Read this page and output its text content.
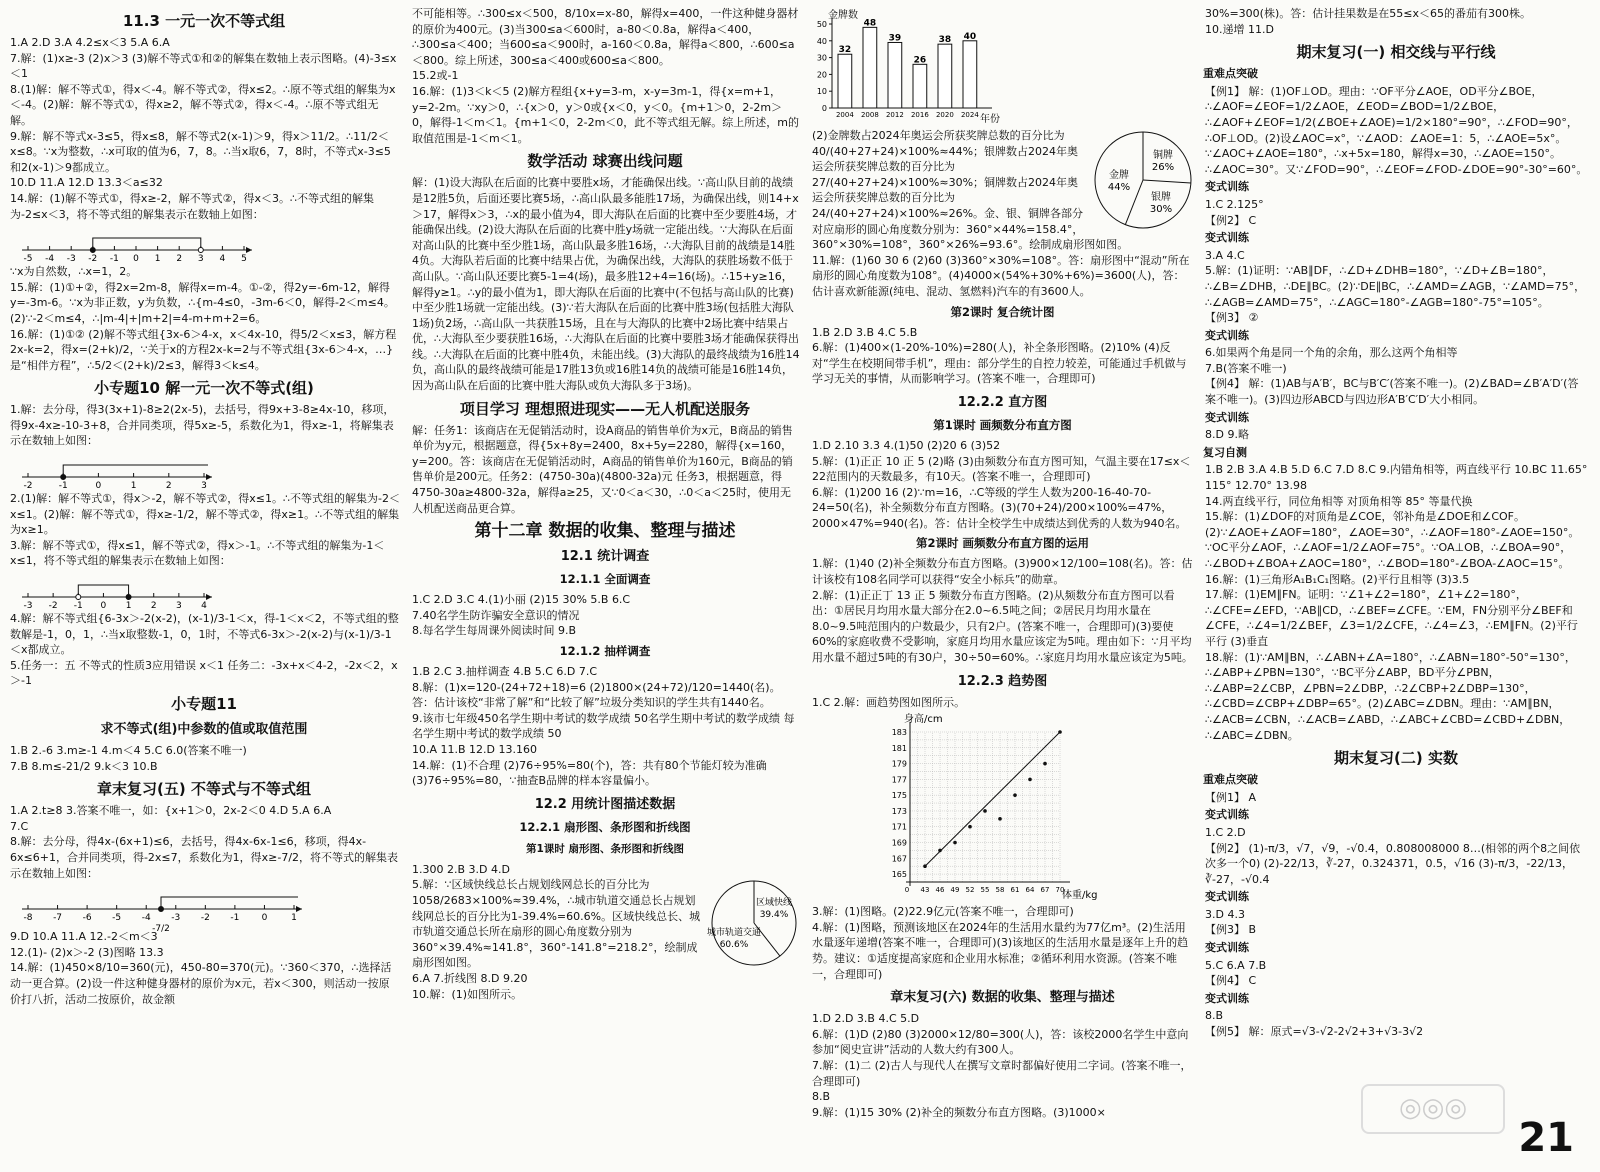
11.3 一元一次不等式组

1.A 2.D 3.A 4.2≤x＜3 5.A 6.A

7.解：(1)x≥-3 (2)x＞3 (3)解不等式①和②的解集在数轴上表示图略。(4)-3≤x＜1

8.(1)解：解不等式①，得x＜-4。解不等式②，得x≤2。∴原不等式组的解集为x＜-4。(2)解：解不等式①，得x≥2，解不等式②，得x＜-4。∴原不等式组无解。

9.解：解不等式x-3≤5，得x≤8，解不等式2(x-1)＞9，得x＞11/2。∴11/2＜x≤8。∵x为整数，∴x可取的值为6，7，8。∴当x取6，7，8时，不等式x-3≤5和2(x-1)＞9都成立。

10.D 11.A 12.D 13.3＜a≤32

14.解：(1)解不等式①，得x≥-2，解不等式②，得x＜3。∴不等式组的解集为-2≤x＜3，将不等式组的解集表示在数轴上如图：

-5 -4 -3 -2 -1 0 1 2 3 4 5

∵x为自然数，∴x=1，2。

15.解：(1)①+②，得2x=2m-8，解得x=m-4。①-②，得2y=-6m-12，解得y=-3m-6。∵x为非正数，y为负数，∴{m-4≤0，-3m-6＜0，解得-2＜m≤4。(2)∵-2＜m≤4，∴|m-4|+|m+2|=4-m+m+2=6。

16.解：(1)①② (2)解不等式组{3x-6＞4-x，x＜4x-10，得5/2＜x≤3，解方程2x-k=2，得x=(2+k)/2，∵关于x的方程2x-k=2与不等式组{3x-6＞4-x，…}是“相伴方程”，∴5/2＜(2+k)/2≤3，解得3＜k≤4。

小专题10 解一元一次不等式(组)

1.解：去分母，得3(3x+1)-8≥2(2x-5)，去括号，得9x+3-8≥4x-10，移项，得9x-4x≥-10-3+8，合并同类项，得5x≥-5，系数化为1，得x≥-1，将解集表示在数轴上如图：

-2	-1	0	1	2	3

2.(1)解：解不等式①，得x＞-2，解不等式②，得x≤1。∴不等式组的解集为-2＜x≤1。(2)解：解不等式①，得x≥-1/2，解不等式②，得x≥1。∴不等式组的解集为x≥1。

3.解：解不等式①，得x≤1，解不等式②，得x＞-1。∴不等式组的解集为-1＜x≤1，将不等式组的解集表示在数轴上如图：

-3 -2 -1 0 1 2 3 4

4.解：解不等式组{6-3x＞-2(x-2)，(x-1)/3-1＜x，得-1＜x＜2，不等式组的整数解是-1，0，1，∴当x取整数-1，0，1时，不等式6-3x＞-2(x-2)与(x-1)/3-1＜x都成立。

5.任务一：五 不等式的性质3应用错误 x＜1 任务二：-3x+x＜4-2，-2x＜2，x＞-1

小专题11
求不等式(组)中参数的值或取值范围

1.B 2.-6 3.m≥-1 4.m＜4 5.C 6.0(答案不唯一)

7.B 8.m≤-21/2 9.k＜3 10.B

章末复习(五) 不等式与不等式组

1.A 2.t≥8 3.答案不唯一，如：{x+1＞0，2x-2＜0 4.D 5.A 6.A

7.C

8.解：去分母，得4x-(6x+1)≤6，去括号，得4x-6x-1≤6，移项，得4x-6x≤6+1，合并同类项，得-2x≤7，系数化为1，得x≥-7/2，将不等式的解集表示在数轴上如图：

-8 -7 -6 -5 -4 -3 -2 -1 0	1
-7/2

9.D 10.A 11.A 12.-2＜m＜3

12.(1)- (2)x＞-2 (3)图略 13.3

14.解：(1)450×8/10=360(元)，450-80=370(元)。∵360＜370，∴选择活动一更合算。(2)设一件这种健身器材的原价为x元，若x＜300，则活动一按原价打八折，活动二按原价，故金额

不可能相等。∴300≤x＜500，8/10x=x-80，解得x=400，一件这种健身器材的原价为400元。(3)当300≤a＜600时，a-80＜0.8a，解得a＜400，∴300≤a＜400；当600≤a＜900时，a-160＜0.8a，解得a＜800，∴600≤a＜800。综上所述，300≤a＜400或600≤a＜800。

15.2或-1

16.解：(1)3＜k＜5 (2)解方程组{x+y=3-m，x-y=3m-1，得{x=m+1，y=2-2m。∵xy＞0，∴{x＞0，y＞0或{x＜0，y＜0。{m+1＞0，2-2m＞0，解得-1＜m＜1。{m+1＜0，2-2m＜0，此不等式组无解。综上所述，m的取值范围是-1＜m＜1。

数学活动 球赛出线问题

解：(1)设大海队在后面的比赛中要胜x场，才能确保出线。∵高山队目前的战绩是12胜5负，后面还要比赛5场，∴高山队最多能胜17场，为确保出线，则14+x＞17，解得x＞3，∴x的最小值为4，即大海队在后面的比赛中至少要胜4场，才能确保出线。(2)设大海队在后面的比赛中胜y场就一定能出线。∵大海队在后面对高山队的比赛中至少胜1场，高山队最多胜16场，∴大海队目前的战绩是14胜4负。大海队若后面的比赛中结果占优，为确保出线，大海队的获胜场数不低于高山队。∵高山队还要比赛5-1=4(场)，最多胜12+4=16(场)。∴15+y≥16，解得y≥1。∴y的最小值为1，即大海队在后面的比赛中(不包括与高山队的比赛)中至少胜1场就一定能出线。(3)∵若大海队在后面的比赛中胜3场(包括胜大海队1场)负2场，∴高山队一共获胜15场，且在与大海队的比赛中2场比赛中结果占优，∴大海队至少要获胜16场，∴大海队在后面的比赛中要胜3场才能确保获得出线。∴大海队在后面的比赛中胜4负，未能出线。(3)大海队的最终战绩为16胜14负，高山队的最终战绩可能是17胜13负或16胜14负的战绩可能是16胜14负，因为高山队在后面的比赛中胜大海队或负大海队多于3场)。

项目学习 理想照进现实——无人机配送服务

解：任务1：该商店在无促销活动时，设A商品的销售单价为x元，B商品的销售单价为y元，根据题意，得{5x+8y=2400，8x+5y=2280，解得{x=160，y=200。答：该商店在无促销活动时，A商品的销售单价为160元，B商品的销售单价是200元。任务2：(4750-30a)(4800-32a)元 任务3，根据题意，得4750-30a≥4800-32a，解得a≥25，又∵0＜a＜30，∴0＜a＜25时，使用无人机配送商品更合算。

第十二章 数据的收集、整理与描述
12.1 统计调查
12.1.1 全面调查

1.C 2.D 3.C 4.(1)小丽 (2)15 30% 5.B 6.C

7.40名学生防诈骗安全意识的情况

8.每名学生每周课外阅读时间 9.B

12.1.2 抽样调查

1.B 2.C 3.抽样调查 4.B 5.C 6.D 7.C

8.解：(1)x=120-(24+72+18)=6 (2)1800×(24+72)/120=1440(名)。答：估计该校“非常了解”和“比较了解”垃圾分类知识的学生共有1440名。

9.该市七年级450名学生期中考试的数学成绩 50名学生期中考试的数学成绩 每名学生期中考试的数学成绩 50

10.A 11.B 12.D 13.160

14.解：(1)不合理 (2)76÷95%=80(个)，答：共有80个节能灯较为准确 (3)76÷95%=80，∵抽查B品牌的样本容量偏小。

12.2 用统计图描述数据
12.2.1 扇形图、条形图和折线图
第1课时 扇形图、条形图和折线图

1.300 2.B 3.D 4.D

城市轨道交通
60.6%
区域快线
39.4%

5.解：∵区域快线总长占规划线网总长的百分比为1058/2683×100%≈39.4%，∴城市轨道交通总长占规划线网总长的百分比为1-39.4%=60.6%。区域快线总长、城市轨道交通总长所在扇形的圆心角度数分别为360°×39.4%≈141.8°，360°-141.8°=218.2°，绘制成扇形图如图。

6.A 7.折线图 8.D 9.20

10.解：(1)如图所示。

金牌数
0
10
20
30
40
50
32
2004
48
2008
39
2012
26
2016
38
2020
40
2024 年份
金牌
44%
铜牌
26%
银牌
30%

(2)金牌数占2024年奥运会所获奖牌总数的百分比为40/(40+27+24)×100%≈44%；银牌数占2024年奥运会所获奖牌总数的百分比为27/(40+27+24)×100%≈30%；铜牌数占2024年奥运会所获奖牌总数的百分比为24/(40+27+24)×100%≈26%。金、银、铜牌各部分对应扇形的圆心角度数分别为：360°×44%=158.4°，360°×30%=108°，360°×26%=93.6°。绘制成扇形图如图。

11.解：(1)60 30 6 (2)60 (3)360°×30%=108°。答：扇形图中“混动”所在扇形的圆心角度数为108°。(4)4000×(54%+30%+6%)=3600(人)，答：估计喜欢新能源(纯电、混动、氢燃料)汽车的有3600人。

第2课时 复合统计图

1.B 2.D 3.B 4.C 5.B

6.解：(1)400×(1-20%-10%)=280(人)，补全条形图略。(2)10% (4)反对“学生在校期间带手机”，理由：部分学生的自控力较差，可能通过手机做与学习无关的事情，从而影响学习。(答案不唯一，合理即可)

12.2.2 直方图
第1课时 画频数分布直方图

1.D 2.10 3.3 4.(1)50 (2)20 6 (3)52

5.解：(1)正正 10 正 5 (2)略 (3)由频数分布直方图可知，气温主要在17≤x＜22范围内的天数最多，有10天。(答案不唯一，合理即可)

6.解：(1)200 16 (2)∵m=16，∴C等级的学生人数为200-16-40-70-24=50(名)，补全频数分布直方图略。(3)(70+24)/200×100%=47%，2000×47%=940(名)。答：估计全校学生中成绩达到优秀的人数为940名。

第2课时 画频数分布直方图的运用

1.解：(1)40 (2)补全频数分布直方图略。(3)900×12/100=108(名)。答：估计该校有108名同学可以获得“安全小标兵”的勋章。

2.解：(1)正正丁 13 正 5 频数分布直方图略。(2)从频数分布直方图可以看出：①居民月均用水量大部分在2.0~6.5吨之间；②居民月均用水量在8.0~9.5吨范围内的户数最少，只有2户。(答案不唯一，合理即可)(3)要使60%的家庭收费不受影响，家庭月均用水量应该定为5吨。理由如下：∵月平均用水量不超过5吨的有30户，30÷50=60%。∴家庭月均用水量应该定为5吨。

12.2.3 趋势图

1.C 2.解：画趋势图如图所示。

身高/cm
165
167
169
171
173
175
177
179
181
183
0 43 46 49 52 55 58 61 64 67 70
体重/kg

3.解：(1)图略。(2)22.9亿元(答案不唯一，合理即可)

4.解：(1)图略，预测该地区在2024年的生活用水量约为77亿m³。(2)生活用水量逐年递增(答案不唯一，合理即可)(3)该地区的生活用水量是逐年上升的趋势。建议：①适度提高家庭和企业用水标准；②循环利用水资源。(答案不唯一，合理即可)

章末复习(六) 数据的收集、整理与描述

1.D 2.D 3.B 4.C 5.D

6.解：(1)D (2)80 (3)2000×12/80=300(人)，答：该校2000名学生中意向参加“阅史宣讲”活动的人数大约有300人。

7.解：(1)二 (2)古人与现代人在撰写文章时都偏好使用二字词。(答案不唯一，合理即可)

8.B

9.解：(1)15 30% (2)补全的频数分布直方图略。(3)1000×

30%=300(株)。答：估计挂果数是在55≤x＜65的番茄有300株。

10.递增 11.D

期末复习(一) 相交线与平行线
重难点突破

【例1】 解：(1)OF⊥OD。理由：∵OF平分∠AOE，OD平分∠BOE，∴∠AOF=∠EOF=1/2∠AOE，∠EOD=∠BOD=1/2∠BOE，∴∠AOF+∠EOF=1/2(∠BOE+∠AOE)=1/2×180°=90°，∴∠FOD=90°，∴OF⊥OD。(2)设∠AOC=x°，∵∠AOD：∠AOE=1：5，∴∠AOE=5x°。∵∠AOC+∠AOE=180°，∴x+5x=180，解得x=30，∴∠AOE=150°。∴∠AOC=30°。又∵∠FOD=90°，∴∠EOF=∠FOD-∠DOE=90°-30°=60°。

变式训练

1.C 2.125°

【例2】 C

变式训练

3.A 4.C

5.解：(1)证明：∵AB∥DF，∴∠D+∠DHB=180°，∵∠D+∠B=180°，∴∠B=∠DHB，∴DE∥BC。(2)∵DE∥BC，∴∠AMD=∠AGB，∵∠AMD=75°，∴∠AGB=∠AMD=75°，∴∠AGC=180°-∠AGB=180°-75°=105°。

【例3】 ②

变式训练

6.如果两个角是同一个角的余角，那么这两个角相等

7.B(答案不唯一)

【例4】 解：(1)AB与A′B′，BC与B′C′(答案不唯一)。(2)∠BAD=∠B′A′D′(答案不唯一)。(3)四边形ABCD与四边形A′B′C′D′大小相同。

变式训练

8.D 9.略

复习自测

1.B 2.B 3.A 4.B 5.D 6.C 7.D 8.C 9.内错角相等，两直线平行 10.BC 11.65° 115° 12.70° 13.98

14.两直线平行，同位角相等 对顶角相等 85° 等量代换

15.解：(1)∠DOF的对顶角是∠COE，邻补角是∠DOE和∠COF。(2)∵∠AOE+∠AOF=180°，∠AOE=30°，∴∠AOF=180°-∠AOE=150°。∵OC平分∠AOF，∴∠AOF=1/2∠AOF=75°。∵OA⊥OB，∴∠BOA=90°，∴∠BOD+∠BOA+∠AOC=180°，∴∠BOD=180°-∠BOA-∠AOC=15°。

16.解：(1)三角形A₁B₁C₁图略。(2)平行且相等 (3)3.5

17.解：(1)EM∥FN。证明：∵∠1+∠2=180°，∠1+∠2=180°，∴∠CFE=∠EFD，∵AB∥CD，∴∠BEF=∠CFE。∵EM，FN分别平分∠BEF和∠CFE，∴∠4=1/2∠BEF，∠3=1/2∠CFE，∴∠4=∠3，∴EM∥FN。(2)平行 平行 (3)垂直

18.解：(1)∵AM∥BN，∴∠ABN+∠A=180°，∴∠ABN=180°-50°=130°，∴∠ABP+∠PBN=130°，∵BC平分∠ABP，BD平分∠PBN，∴∠ABP=2∠CBP，∠PBN=2∠DBP，∴2∠CBP+2∠DBP=130°，∴∠CBD=∠CBP+∠DBP=65°。(2)∠ABC=∠DBN。理由：∵AM∥BN，∴∠ACB=∠CBN，∴∠ACB=∠ABD，∴∠ABC+∠CBD=∠CBD+∠DBN，∴∠ABC=∠DBN。

期末复习(二) 实数
重难点突破

【例1】 A

变式训练

1.C 2.D

【例2】 (1)-π/3，√7，√9，-√0.4，0.808008000 8…(相邻的两个8之间依次多一个0) (2)-22/13，∛-27，0.324371，0.5，√16 (3)-π/3，-22/13，∛-27，-√0.4

变式训练

3.D 4.3

【例3】 B

变式训练

5.C 6.A 7.B

【例4】 C

变式训练

8.B

【例5】 解：原式=√3-√2-2√2+3+√3-3√2

◎◎◎
21
